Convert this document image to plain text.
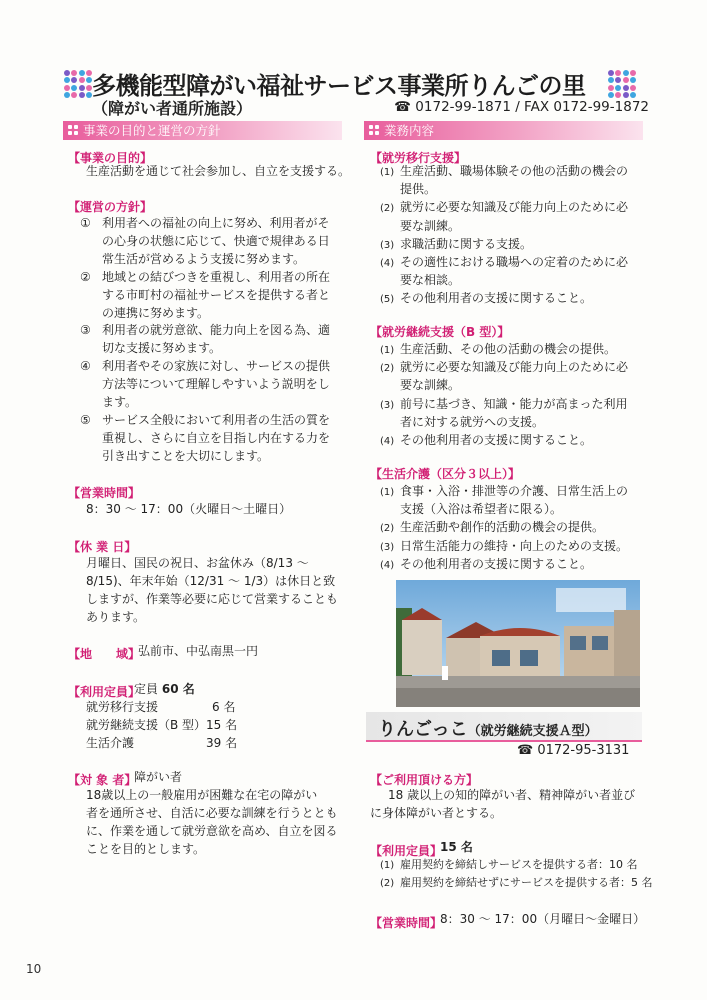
多機能型障がい福祉サービス事業所りんごの里
（障がい者通所施設）	☎ 0172-99-1871 / FAX 0172-99-1872
事業の目的と運営の方針
【事業の目的】
生産活動を通じて社会参加し、自立を支援する。
【運営の方針】
① 利用者への福祉の向上に努め、利用者がそ
の心身の状態に応じて、快適で規律ある日
常生活が営めるよう支援に努めます。
② 地域との結びつきを重視し、利用者の所在
する市町村の福祉サービスを提供する者と
の連携に努めます。
③ 利用者の就労意欲、能力向上を図る為、適
切な支援に努めます。
④ 利用者やその家族に対し、サービスの提供
方法等について理解しやすいよう説明をし
ます。
⑤ サービス全般において利用者の生活の質を
重視し、さらに自立を目指し内在する力を
引き出すことを大切にします。
【営業時間】
8：30 〜 17：00（火曜日〜土曜日）
【休 業 日】
月曜日、国民の祝日、お盆休み（8/13 〜
8/15)、年末年始（12/31 〜 1/3）は休日と致
しますが、作業等必要に応じて営業することも
あります。
【地　　域】
弘前市、中弘南黒一円
【利用定員】
定員 60 名
就労移行支援	6 名
就労継続支援（B 型） 15 名
生活介護	39 名
【対 象 者】
障がい者
18歳以上の一般雇用が困難な在宅の障がい
者を通所させ、自活に必要な訓練を行うととも
に、作業を通して就労意欲を高め、自立を図る
ことを目的とします。
業務内容
【就労移行支援】
(1) 生産活動、職場体験その他の活動の機会の
提供。
(2) 就労に必要な知識及び能力向上のために必
要な訓練。
(3) 求職活動に関する支援。
(4) その適性における職場への定着のために必
要な相談。
(5) その他利用者の支援に関すること。
【就労継続支援（B 型）】
(1) 生産活動、その他の活動の機会の提供。
(2) 就労に必要な知識及び能力向上のために必
要な訓練。
(3) 前号に基づき、知識・能力が高まった利用
者に対する就労への支援。
(4) その他利用者の支援に関すること。
【生活介護（区分３以上）】
(1) 食事・入浴・排泄等の介護、日常生活上の
支援（入浴は希望者に限る）。
(2) 生産活動や創作的活動の機会の提供。
(3) 日常生活能力の維持・向上のための支援。
(4) その他利用者の支援に関すること。
りんごっこ（就労継続支援Ａ型）
☎ 0172-95-3131
【ご利用頂ける方】
18 歳以上の知的障がい者、精神障がい者並び
に身体障がい者とする。
【利用定員】
15 名
(1) 雇用契約を締結しサービスを提供する者：10 名
(2) 雇用契約を締結せずにサービスを提供する者：5 名
【営業時間】
8：30 〜 17：00（月曜日〜金曜日）
10
